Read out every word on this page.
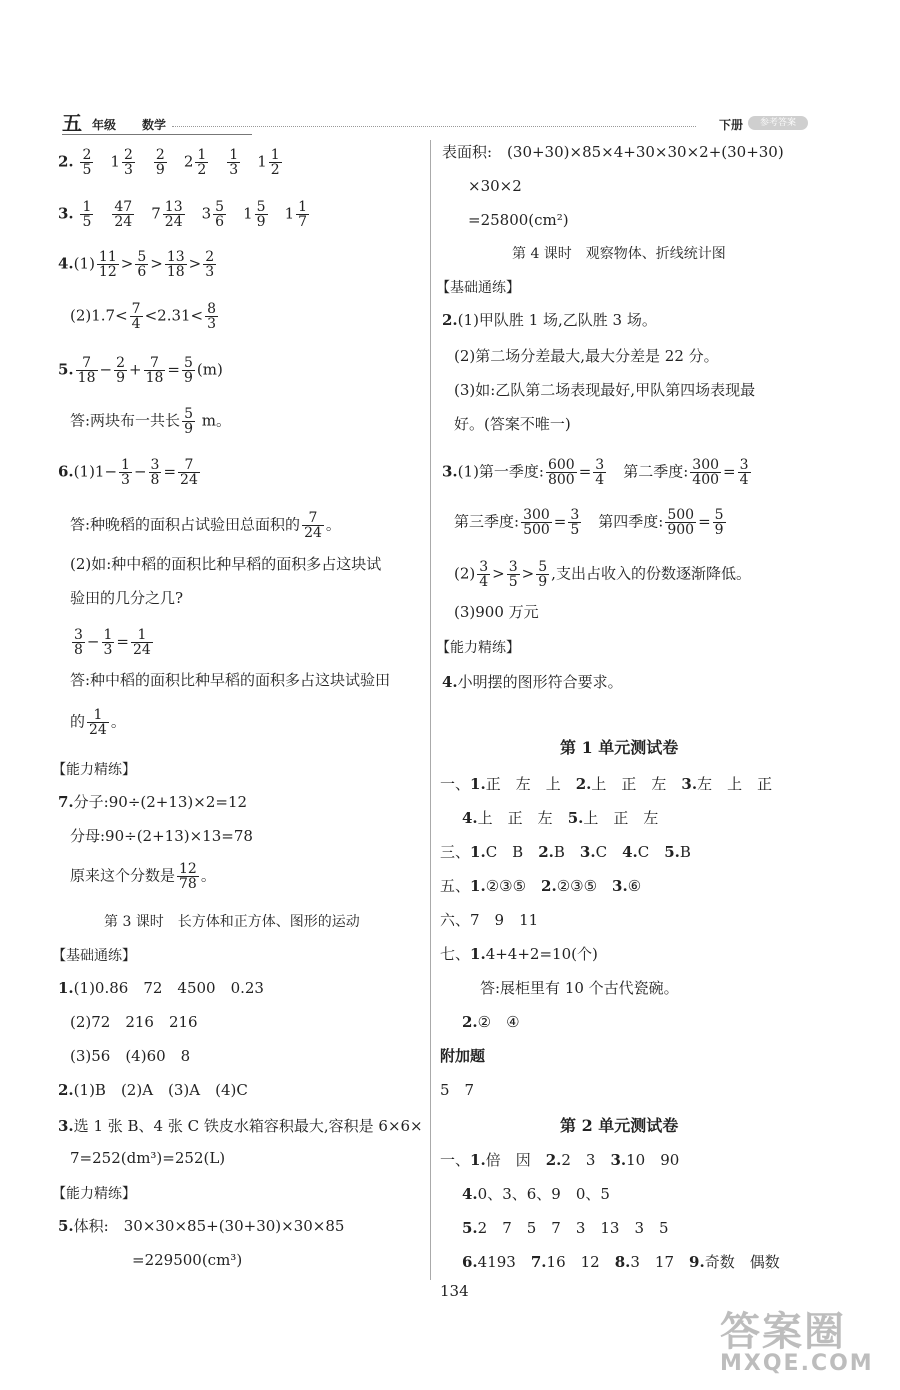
五 年级 数学	下册	参考答案
2. $\frac{2}{5}$
　 $1 \frac{2}{3}$
　 $\frac{2}{9}$
　 $2 \frac{1}{2}$
　 $\frac{1}{3}$
　 $1 \frac{1}{2}$
3. $\frac{1}{5}$
　 $\frac{47}{24}$
　 $7 \frac{13}{24}$
　 $3 \frac{5}{6}$
　 $1 \frac{5}{9}$
　 $1 \frac{1}{7}$
$4.(1) \frac{11}{12} > \frac{5}{6} > \frac{13}{18} > \frac{2}{3}$
$(2)1.7< \frac{7}{4} <2.31< \frac{8}{3}$
5. $\frac{7}{18} - \frac{2}{9} + \frac{7}{18} = \frac{5}{9} (m)$
答:两块布一共长 $\frac{5}{9}$ m。
$6.(1)1- \frac{1}{3} - \frac{3}{8} = \frac{7}{24}$
答:种晚稻的面积占试验田总面积的 $\frac{7}{24}$ 。
(2)如:种中稻的面积比种早稻的面积多占这块试
验田的几分之几?
$\frac{3}{8} - \frac{1}{3} = \frac{1}{24}$
答:种中稻的面积比种早稻的面积多占这块试验田
的 $\frac{1}{24}$ 。
【能力精练】
7.分子:90÷(2+13)×2=12
分母:90÷(2+13)×13=78
原来这个分数是 $\frac{12}{78}$ 。
第 3 课时　长方体和正方体、图形的运动
【基础通练】
1.(1)0.86　72　4500　0.23
(2)72　216　216
(3)56　(4)60　8
2.(1)B　(2)A　(3)A　(4)C
3.选 1 张 B、4 张 C 铁皮水箱容积最大,容积是 6×6×
7=252(dm³)=252(L)
【能力精练】
5.体积:　30×30×85+(30+30)×30×85
=229500(cm³)
表面积:　(30+30)×85×4+30×30×2+(30+30)
×30×2
=25800(cm²)
第 4 课时　观察物体、折线统计图
【基础通练】
2.(1)甲队胜 1 场,乙队胜 3 场。
(2)第二场分差最大,最大分差是 22 分。
(3)如:乙队第二场表现最好,甲队第四场表现最
好。(答案不唯一)
3.(1)第一季度: $\frac{600}{800} = \frac{3}{4}$ 　第二季度: $\frac{300}{400} = \frac{3}{4}$
第三季度: $\frac{300}{500} = \frac{3}{5}$ 　第四季度: $\frac{500}{900} = \frac{5}{9}$
$(2) \frac{3}{4} > \frac{3}{5} > \frac{5}{9}$ ,支出占收入的份数逐渐降低。
(3)900 万元
【能力精练】
4.小明摆的图形符合要求。
第 1 单元测试卷
一、1.正　左　上　2.上　正　左　3.左　上　正
4.上　正　左　5.上　正　左
三、1.C　B　2.B　3.C　4.C　5.B
五、1.②③⑤　2.②③⑤　3.⑥
六、7　9　11
七、1.4+4+2=10(个)
答:展柜里有 10 个古代瓷碗。
2.②　④
附加题
5　7
第 2 单元测试卷
一、1.倍　因　2.2　3　3.10　90
4.0、3、6、9　0、5
5.2　7　5　7　3　13　3　5
6.4193　7.16　12　8.3　17　9.奇数　偶数
134
答案圈
MXQE.COM
